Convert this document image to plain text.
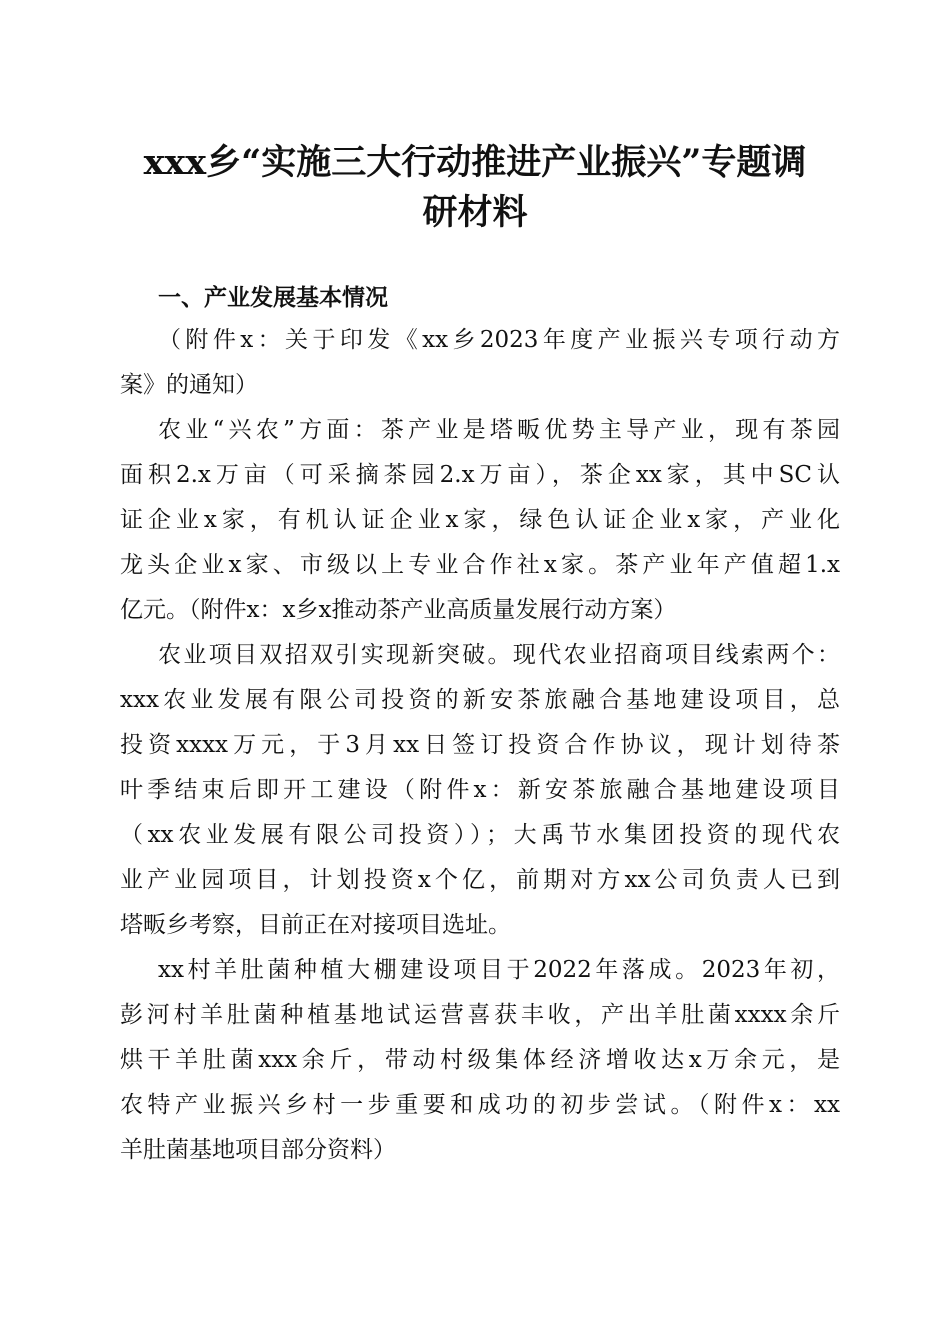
xxx乡“实施三大行动推进产业振兴”专题调
研材料
一、产业发展基本情况
（附件x：关于印发《xx乡2023年度产业振兴专项行动方
案》的通知）
农业“兴农”方面：茶产业是塔畈优势主导产业，现有茶园
面积2.x万亩（可采摘茶园2.x万亩），茶企xx家，其中SC认
证企业x家，有机认证企业x家，绿色认证企业x家，产业化
龙头企业x家、市级以上专业合作社x家。茶产业年产值超1.x
亿元。（附件x：x乡x推动茶产业高质量发展行动方案）
农业项目双招双引实现新突破。现代农业招商项目线索两个：
xxx农业发展有限公司投资的新安茶旅融合基地建设项目，总
投资xxxx万元，于3月xx日签订投资合作协议，现计划待茶
叶季结束后即开工建设（附件x：新安茶旅融合基地建设项目
（xx农业发展有限公司投资））；大禹节水集团投资的现代农
业产业园项目，计划投资x个亿，前期对方xx公司负责人已到
塔畈乡考察，目前正在对接项目选址。
xx村羊肚菌种植大棚建设项目于2022年落成。2023年初，
彭河村羊肚菌种植基地试运营喜获丰收，产出羊肚菌xxxx余斤
烘干羊肚菌xxx余斤，带动村级集体经济增收达x万余元，是
农特产业振兴乡村一步重要和成功的初步尝试。（附件x：xx
羊肚菌基地项目部分资料）
